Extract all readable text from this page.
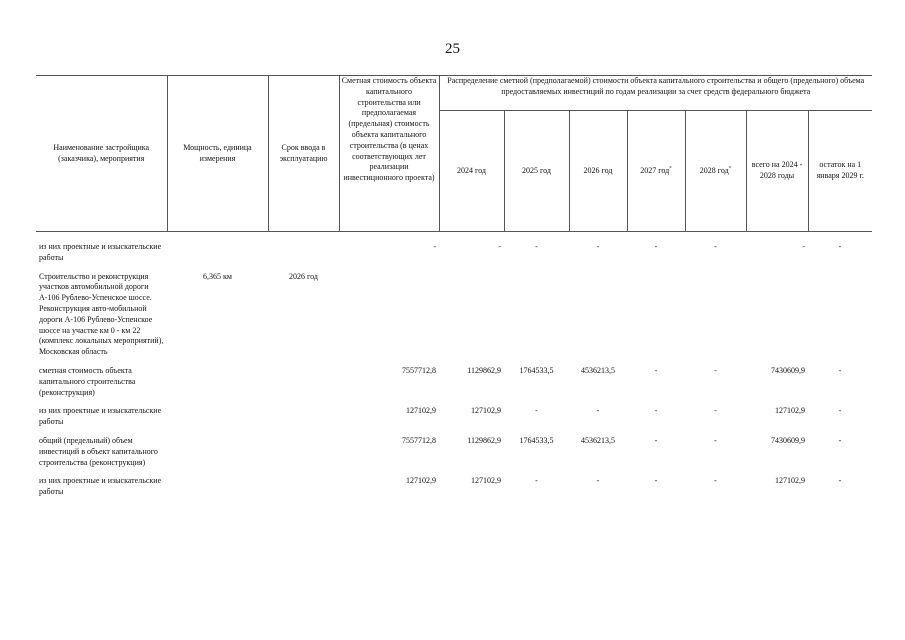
25
Наименование застройщика (заказчика), мероприятия	Мощность, единица измерения	Срок ввода в эксплуатацию	Сметная стоимость объекта капитального строительства или предполагаемая (предельная) стоимость объекта капитального строительства (в ценах соответствующих лет реализации инвестиционного проекта)	Распределение сметной (предполагаемой) стоимости объекта капитального строительства и общего (предельного) объема предоставляемых инвестиций по годам реализации за счет средств федерального бюджета						
				2024 год	2025 год	2026 год	2027 год*	2028 год*	всего на 2024 - 2028 годы	остаток на 1 января 2029 г.

из них проектные и изыскательские работы			-	-	-	-	-	-	-	-
Строительство и реконструкция участков автомобильной дороги А-106 Рублево-Успенское шоссе. Реконструкция авто-мобильной дороги А-106 Рублево-Успенское шоссе на участке км 0 - км 22 (комплекс локальных мероприятий), Московская область	6,365 км	2026 год								
сметная стоимость объекта капитального строительства (реконструкция)			7557712,8	1129862,9	1764533,5	4536213,5	-	-	7430609,9	-
из них проектные и изыскательские работы			127102,9	127102,9	-	-	-	-	127102,9	-
общий (предельный) объем инвестиций в объект капитального строительства (реконструкция)			7557712,8	1129862,9	1764533,5	4536213,5	-	-	7430609,9	-
из них проектные и изыскательские работы			127102,9	127102,9	-	-	-	-	127102,9	-
